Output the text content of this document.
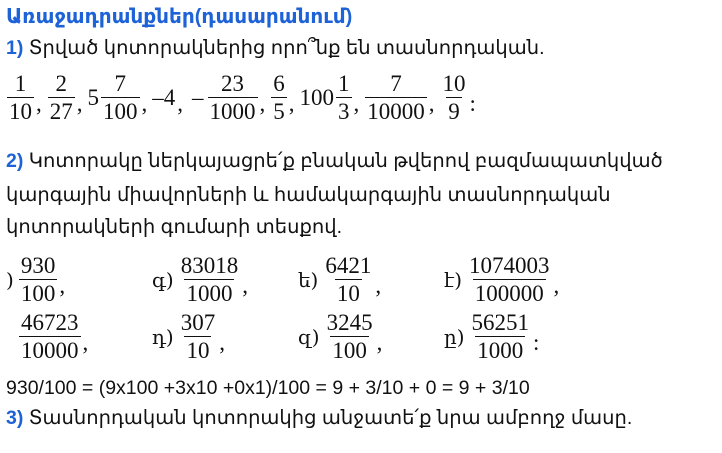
Առաջադրանքներ(դասարանում)
1) Տրված կոտորակներից որո՞նք են տասնորդական.
$\frac{1}{10}$ , $\frac{2}{27}$ , $5 \frac{7}{100}$ , –4 , – $\frac{23}{1000}$ , $\frac{6}{5}$ , $100 \frac{1}{3}$ , $\frac{7}{10000}$ , $\frac{10}{9}$ :
2) Կոտորակը ներկայացրե՛ք բնական թվերով բազմապատկված
կարգային միավորների և համակարգային տասնորդական
կոտորակների գումարի տեսքով.
) $\frac{930}{100}$ ,	գ) $\frac{83018}{1000}$ ,	ե) $\frac{6421}{10}$ ,	է) $\frac{1074003}{100000}$ ,
$\frac{46723}{10000}$ ,	դ) $\frac{307}{10}$ ,	զ) $\frac{3245}{100}$ ,	ը) $\frac{56251}{1000}$ :
930/100 = (9x100 +3x10 +0x1)/100 = 9 + 3/10 + 0 = 9 + 3/10
3) Տասնորդական կոտորակից անջատե՛ք նրա ամբողջ մասը.
